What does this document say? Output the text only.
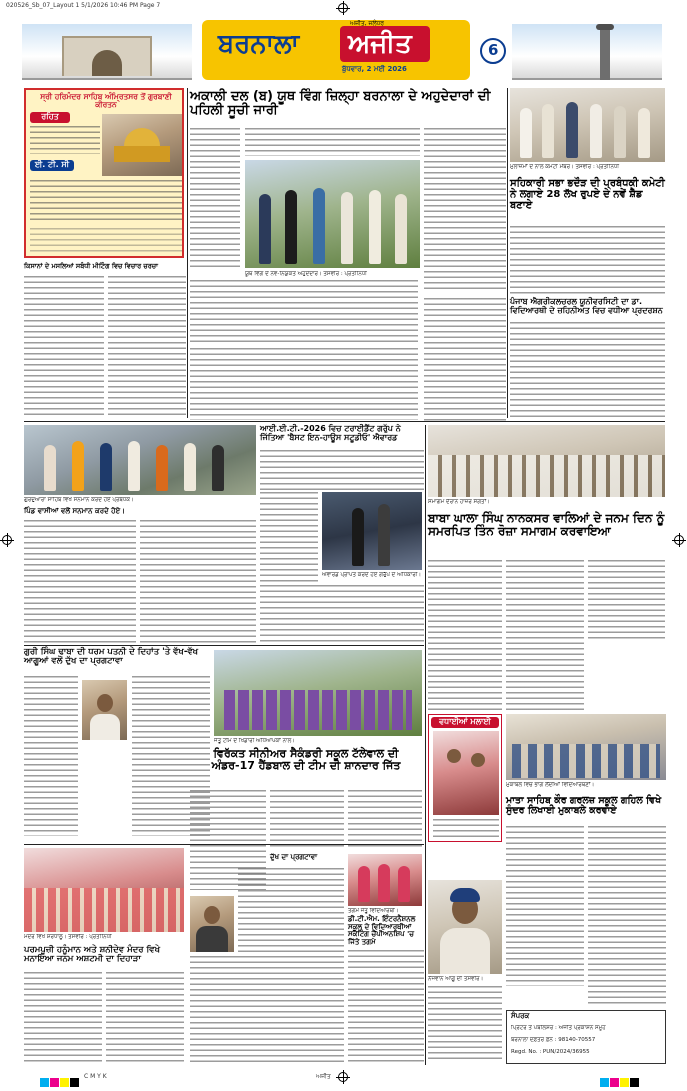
020526_Sb_07_Layout 1 5/1/2026 10:46 PM Page 7
ਬਰਨਾਲਾ ਅਜੀਤ
ਅਜੀਤ, ਜਲੰਧਰ
ਬੁੱਧਵਾਰ, 2 ਮਈ 2026
6
ਸ੍ਰੀ ਹਰਿਮੰਦਰ ਸਾਹਿਬ ਅੰਮ੍ਰਿਤਸਰ ਤੋਂ ਗੁਰਬਾਣੀ ਕੀਰਤਨ
ਰਹਿਤ
ਈ. ਟੀ. ਸੀ
ਅਕਾਲੀ ਦਲ (ਬ) ਯੂਥ ਵਿੰਗ ਜ਼ਿਲ੍ਹਾ ਬਰਨਾਲਾ ਦੇ ਅਹੁਦੇਦਾਰਾਂ ਦੀ ਪਹਿਲੀ ਸੂਚੀ ਜਾਰੀ
ਯੂਥ ਵਿੰਗ ਦੇ ਨਵ-ਨਿਯੁਕਤ ਅਹੁਦੇਦਾਰ। ਤਸਵੀਰ : ਪ੍ਰਤੀਨਿਧੀ
ਮੁਲਾਜ਼ਮਾਂ ਦੇ ਨਾਲ ਕਮੇਟੀ ਮੈਂਬਰ। ਤਸਵੀਰ : ਪ੍ਰਤੀਨਿਧੀ
ਸਹਿਕਾਰੀ ਸਭਾ ਭਦੌੜ ਦੀ ਪ੍ਰਬੰਧਕੀ ਕਮੇਟੀ ਨੇ ਲਗਾਏ 28 ਲੱਖ ਰੁਪਏ ਦੇ ਨਵੇਂ ਸ਼ੈੱਡ ਬਣਾਏ
ਪੰਜਾਬ ਐਗਰੀਕਲਚਰਲ ਯੂਨੀਵਰਸਿਟੀ ਦਾ ਡਾ. ਵਿਦਿਆਰਥੀ ਦੇ ਜ਼ਹਿਨੀਅਤ ਵਿਚ ਵਧੀਆ ਪ੍ਰਦਰਸ਼ਨ
ਕਿਸਾਨਾਂ ਦੇ ਮਸਲਿਆਂ ਸਬੰਧੀ ਮੀਟਿੰਗ ਵਿਚ ਵਿਚਾਰ ਚਰਚਾ
ਗੁਰਦੁਆਰਾ ਸਾਹਿਬ ਵਿਖੇ ਸਨਮਾਨ ਕਰਦੇ ਹੋਏ ਪ੍ਰਬੰਧਕ।	ਸਮਾਗਮ ਦੌਰਾਨ ਹਾਜ਼ਰ ਸੰਗਤਾਂ।
ਆਈ.ਈ.ਟੀ.-2026 ਵਿਚ ਟਰਾਈਡੈਂਟ ਗਰੁੱਪ ਨੇ ਜਿੱਤਿਆ 'ਬੈਸਟ ਇਨ-ਹਾਊਸ ਸਟੂਡੀਓ' ਐਵਾਰਡ
ਐਵਾਰਡ ਪ੍ਰਾਪਤ ਕਰਦੇ ਹੋਏ ਗਰੁੱਪ ਦੇ ਅਧਿਕਾਰੀ।
ਪਿੰਡ ਵਾਸੀਆਂ ਵਲੋਂ ਸਨਮਾਨ ਕਰਦੇ ਹੋਏ।	ਬਾਬਾ ਘਾਲਾ ਸਿੰਘ ਨਾਨਕਸਰ ਵਾਲਿਆਂ ਦੇ ਜਨਮ ਦਿਨ ਨੂੰ ਸਮਰਪਿਤ ਤਿੰਨ ਰੋਜ਼ਾ ਸਮਾਗਮ ਕਰਵਾਇਆ
ਗੁਰੀ ਸਿੰਘ ਢਾਬਾ ਦੀ ਧਰਮ ਪਤਨੀ ਦੇ ਦਿਹਾਂਤ 'ਤੇ ਵੱਖ-ਵੱਖ ਆਗੂਆਂ ਵਲੋਂ ਦੁੱਖ ਦਾ ਪ੍ਰਗਟਾਵਾ
ਜੇਤੂ ਟੀਮ ਦੇ ਖਿਡਾਰੀ ਅਧਿਆਪਕਾਂ ਨਾਲ।
ਵਿਰੱਕਤ ਸੀਨੀਅਰ ਸੈਕੰਡਰੀ ਸਕੂਲ ਟੱਲੇਵਾਲ ਦੀ ਅੰਡਰ-17 ਹੈਂਡਬਾਲ ਦੀ ਟੀਮ ਦੀ ਸ਼ਾਨਦਾਰ ਜਿੱਤ
ਮੁਕਾਬਲੇ ਵਿਚ ਭਾਗ ਲੈਂਦੀਆਂ ਵਿਦਿਆਰਥਣਾਂ।
ਮਾਤਾ ਸਾਹਿਬ ਕੌਰ ਗਰਲਜ਼ ਸਕੂਲ ਗਹਿਲ ਵਿਖੇ ਸੁੰਦਰ ਲਿਖਾਈ ਮੁਕਾਬਲੇ ਕਰਵਾਏ
ਵਧਾਈਆਂ ਮਲਾਈ
ਮੰਦਰ ਵਿਖੇ ਸ਼ਰਧਾਲੂ। ਤਸਵੀਰ : ਪ੍ਰਤੀਨਿਧੀ
ਪਰਮਪੂਜ਼ੀ ਹਨੂੰਮਾਨ ਅਤੇ ਸ਼ਨੀਦੇਵ ਮੰਦਰ ਵਿਖੇ ਮਨਾਇਆ ਜਨਮ ਅਸ਼ਟਮੀ ਦਾ ਦਿਹਾੜਾ
ਦੁੱਖ ਦਾ ਪ੍ਰਗਟਾਵਾ
ਤਗਮੇ ਜੇਤੂ ਵਿਦਿਆਰਥੀ।
ਡੀ.ਟੀ.ਐਮ. ਇੰਟਰਨੈਸ਼ਨਲ ਸਕੂਲ ਦੇ ਵਿਦਿਆਰਥੀਆਂ ਸਕੇਟਿੰਗ ਚੈਂਪੀਅਨਸ਼ਿਪ 'ਚ ਜਿੱਤੇ ਤਗਮੇ
ਨੌਜਵਾਨ ਆਗੂ ਦੀ ਤਸਵੀਰ।
ਸੰਪਰਕ
ਪ੍ਰਿੰਟਰ ਤੇ ਪਬਲਿਸ਼ਰ : ਅਜੀਤ ਪ੍ਰਕਾਸ਼ਨ ਸਮੂਹ
ਬਰਨਾਲਾ ਦਫ਼ਤਰ ਫ਼ੋਨ : 98140-70557
Regd. No. : PUN/2024/36955
C M Y K	ਅਜੀਤ
